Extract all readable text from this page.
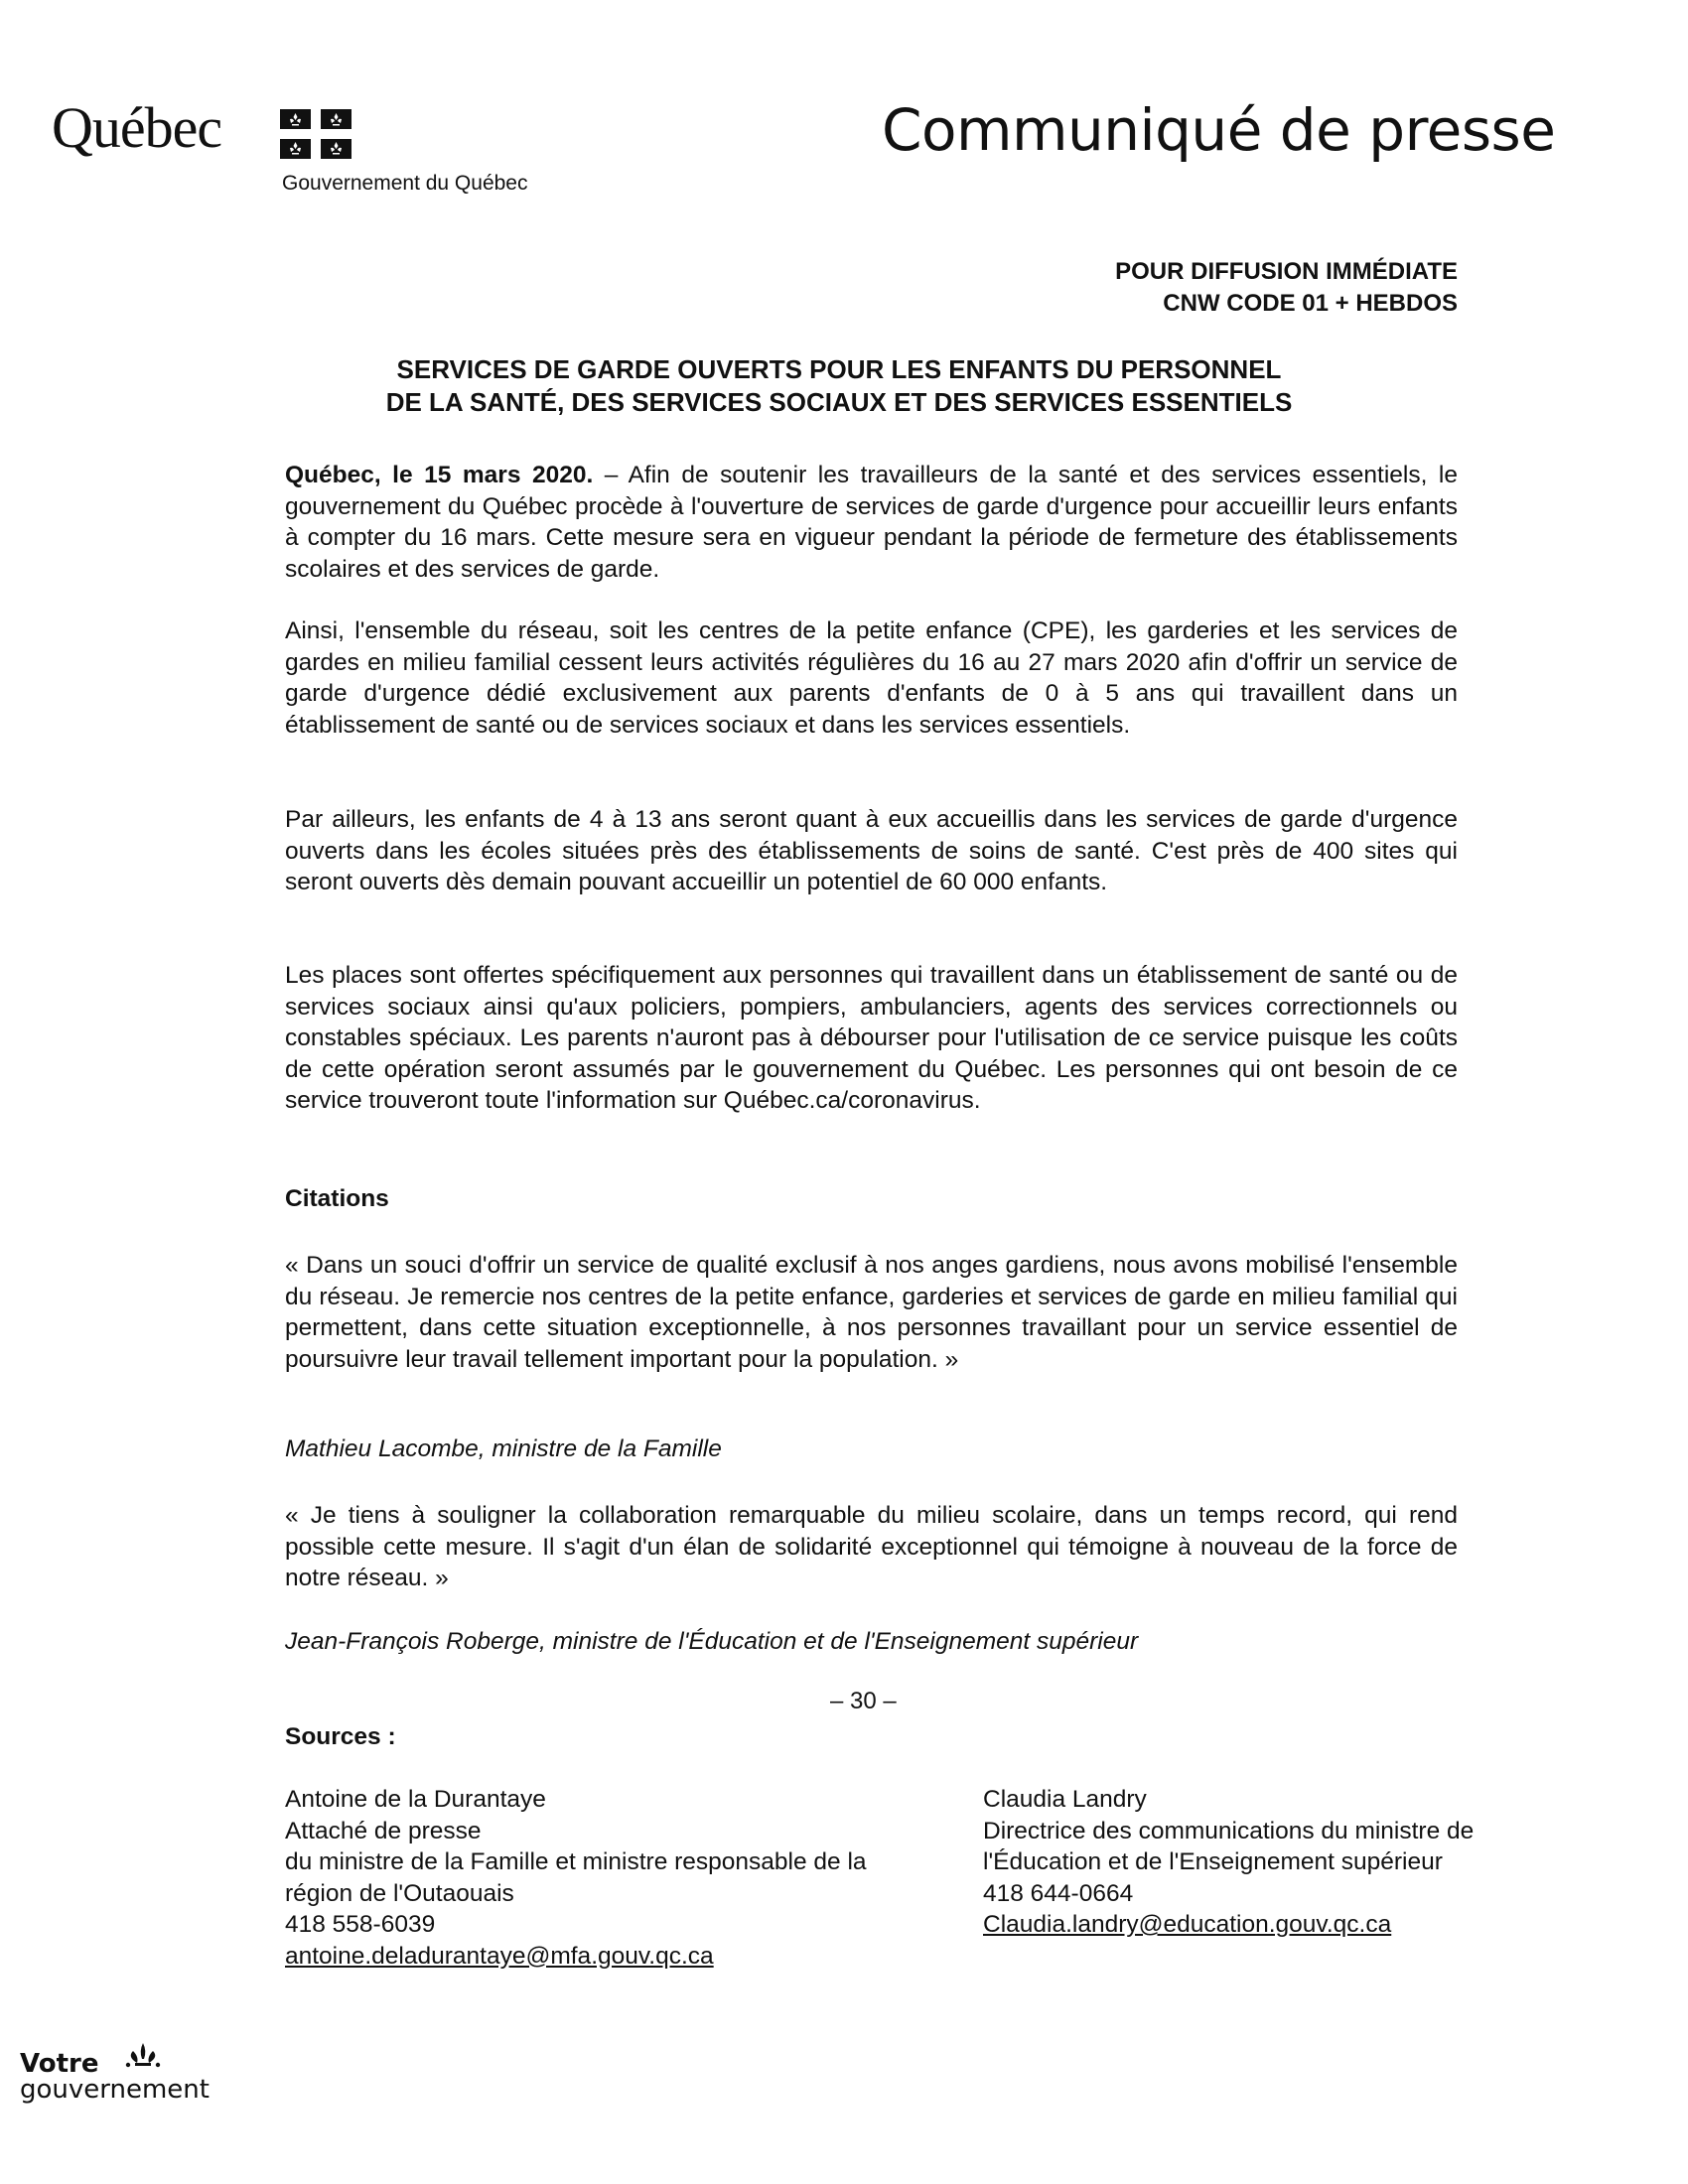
Québec
Gouvernement du Québec
Communiqué de presse
POUR DIFFUSION IMMÉDIATE
CNW CODE 01 + HEBDOS
SERVICES DE GARDE OUVERTS POUR LES ENFANTS DU PERSONNEL
DE LA SANTÉ, DES SERVICES SOCIAUX ET DES SERVICES ESSENTIELS

Québec, le 15 mars 2020. – Afin de soutenir les travailleurs de la santé et des services essentiels, le gouvernement du Québec procède à l'ouverture de services de garde d'urgence pour accueillir leurs enfants à compter du 16 mars. Cette mesure sera en vigueur pendant la période de fermeture des établissements scolaires et des services de garde.

Ainsi, l'ensemble du réseau, soit les centres de la petite enfance (CPE), les garderies et les services de gardes en milieu familial cessent leurs activités régulières du 16 au 27 mars 2020 afin d'offrir un service de garde d'urgence dédié exclusivement aux parents d'enfants de 0 à 5 ans qui travaillent dans un établissement de santé ou de services sociaux et dans les services essentiels.

Par ailleurs, les enfants de 4 à 13 ans seront quant à eux accueillis dans les services de garde d'urgence ouverts dans les écoles situées près des établissements de soins de santé. C'est près de 400 sites qui seront ouverts dès demain pouvant accueillir un potentiel de 60 000 enfants.

Les places sont offertes spécifiquement aux personnes qui travaillent dans un établissement de santé ou de services sociaux ainsi qu'aux policiers, pompiers, ambulanciers, agents des services correctionnels ou constables spéciaux. Les parents n'auront pas à débourser pour l'utilisation de ce service puisque les coûts de cette opération seront assumés par le gouvernement du Québec. Les personnes qui ont besoin de ce service trouveront toute l'information sur Québec.ca/coronavirus.

Citations

« Dans un souci d'offrir un service de qualité exclusif à nos anges gardiens, nous avons mobilisé l'ensemble du réseau. Je remercie nos centres de la petite enfance, garderies et services de garde en milieu familial qui permettent, dans cette situation exceptionnelle, à nos personnes travaillant pour un service essentiel de poursuivre leur travail tellement important pour la population. »

Mathieu Lacombe, ministre de la Famille

« Je tiens à souligner la collaboration remarquable du milieu scolaire, dans un temps record, qui rend possible cette mesure. Il s'agit d'un élan de solidarité exceptionnel qui témoigne à nouveau de la force de notre réseau. »

Jean-François Roberge, ministre de l'Éducation et de l'Enseignement supérieur
– 30 –
Sources :
Antoine de la Durantaye
Attaché de presse
du ministre de la Famille et ministre responsable de la
région de l'Outaouais
418 558-6039
antoine.deladurantaye@mfa.gouv.qc.ca
Claudia Landry
Directrice des communications du ministre de
l'Éducation et de l'Enseignement supérieur
418 644-0664
Claudia.landry@education.gouv.qc.ca
Votre
gouvernement
